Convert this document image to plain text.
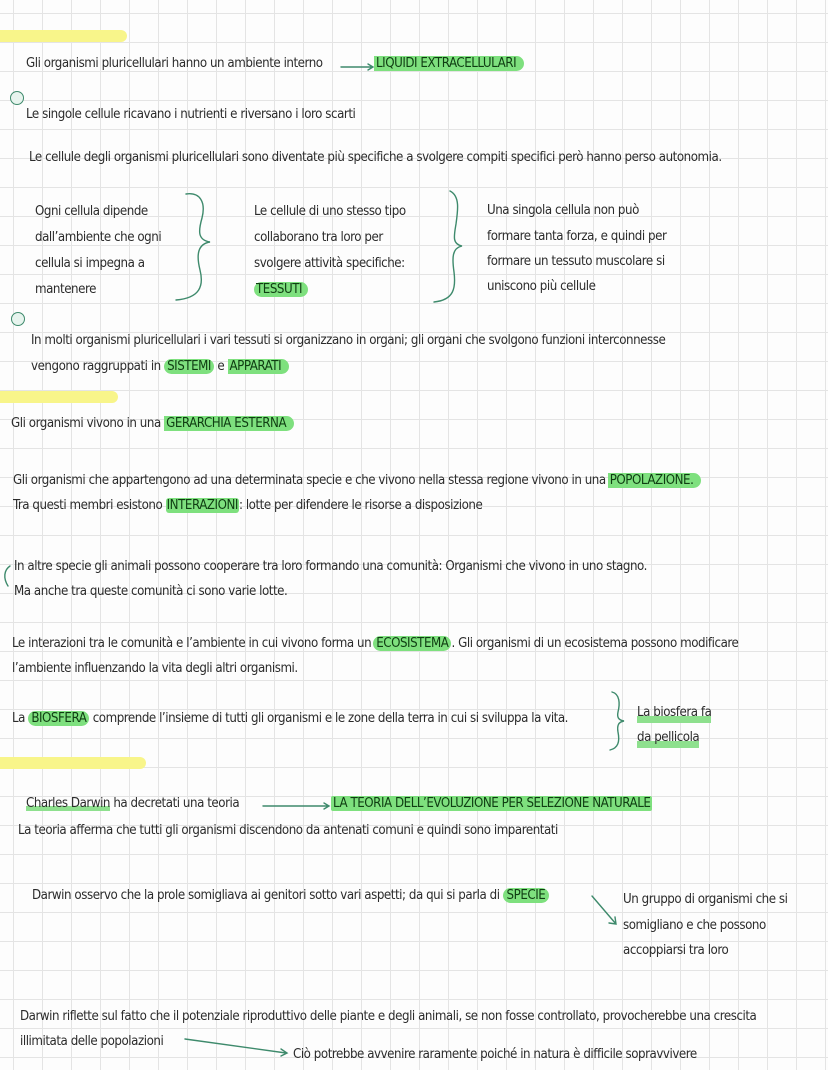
Gli organismi pluricellulari hanno un ambiente interno	LIQUIDI EXTRACELLULARI
Le singole cellule ricavano i nutrienti e riversano i loro scarti
Le cellule degli organismi pluricellulari sono diventate più specifiche a svolgere compiti specifici però hanno perso autonomia.
Ogni cellula dipende
dall’ambiente che ogni
cellula si impegna a
mantenere
Le cellule di uno stesso tipo
collaborano tra loro per
svolgere attività specifiche:
TESSUTI
Una singola cellula non può
formare tanta forza, e quindi per
formare un tessuto muscolare si
uniscono più cellule
In molti organismi pluricellulari i vari tessuti si organizzano in organi; gli organi che svolgono funzioni interconnesse
vengono raggruppati in SISTEMI e APPARATI
Gli organismi vivono in una GERARCHIA ESTERNA
Gli organismi che appartengono ad una determinata specie e che vivono nella stessa regione vivono in una POPOLAZIONE.
Tra questi membri esistono INTERAZIONI: lotte per difendere le risorse a disposizione
In altre specie gli animali possono cooperare tra loro formando una comunità: Organismi che vivono in uno stagno.
Ma anche tra queste comunità ci sono varie lotte.
Le interazioni tra le comunità e l’ambiente in cui vivono forma un ECOSISTEMA . Gli organismi di un ecosistema possono modificare
l’ambiente influenzando la vita degli altri organismi.
La BIOSFERA comprende l’insieme di tutti gli organismi e le zone della terra in cui si sviluppa la vita.	La biosfera fa
da pellicola
Charles Darwin ha decretati una teoria	LA TEORIA DELL’EVOLUZIONE PER SELEZIONE NATURALE
La teoria afferma che tutti gli organismi discendono da antenati comuni e quindi sono imparentati
Darwin osservo che la prole somigliava ai genitori sotto vari aspetti; da qui si parla di SPECIE	Un gruppo di organismi che si
somigliano e che possono
accoppiarsi tra loro
Darwin riflette sul fatto che il potenziale riproduttivo delle piante e degli animali, se non fosse controllato, provocherebbe una crescita
illimitata delle popolazioni
Ciò potrebbe avvenire raramente poiché in natura è difficile sopravvivere
